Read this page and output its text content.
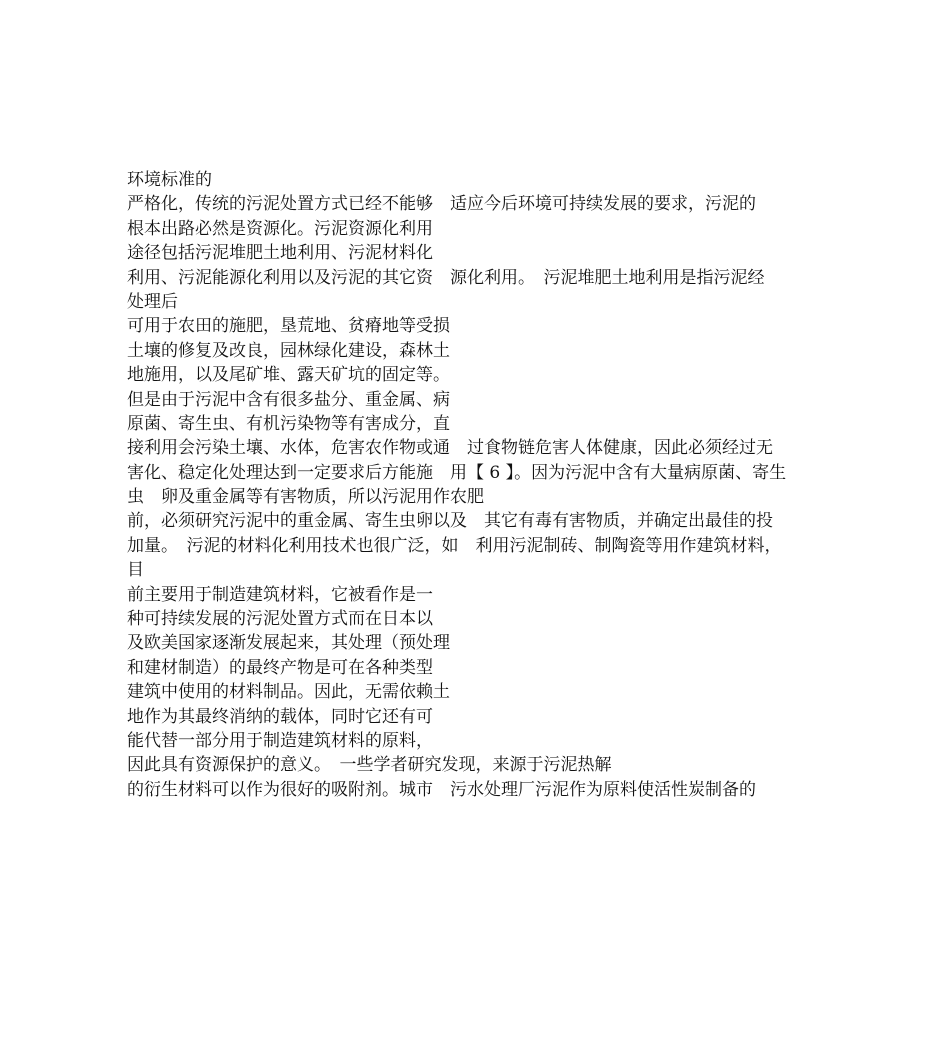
环境标准的
严格化，传统的污泥处置方式已经不能够　适应今后环境可持续发展的要求，污泥的
根本出路必然是资源化。污泥资源化利用
途径包括污泥堆肥土地利用、污泥材料化
利用、污泥能源化利用以及污泥的其它资　源化利用。　污泥堆肥土地利用是指污泥经
处理后
可用于农田的施肥，垦荒地、贫瘠地等受损
土壤的修复及改良，园林绿化建设，森林土
地施用，以及尾矿堆、露天矿坑的固定等。
但是由于污泥中含有很多盐分、重金属、病
原菌、寄生虫、有机污染物等有害成分，直
接利用会污染土壤、水体，危害农作物或通　过食物链危害人体健康，因此必须经过无
害化、稳定化处理达到一定要求后方能施　用【 6 】。因为污泥中含有大量病原菌、寄生
虫　卵及重金属等有害物质，所以污泥用作农肥
前，必须研究污泥中的重金属、寄生虫卵以及　其它有毒有害物质，并确定出最佳的投
加量。　污泥的材料化利用技术也很广泛，如　利用污泥制砖、制陶瓷等用作建筑材料，
目
前主要用于制造建筑材料，它被看作是一
种可持续发展的污泥处置方式而在日本以
及欧美国家逐渐发展起来，其处理（预处理
和建材制造）的最终产物是可在各种类型
建筑中使用的材料制品。因此，无需依赖土
地作为其最终消纳的载体，同时它还有可
能代替一部分用于制造建筑材料的原料，
因此具有资源保护的意义。　一些学者研究发现，来源于污泥热解
的衍生材料可以作为很好的吸附剂。城市　污水处理厂污泥作为原料使活性炭制备的
